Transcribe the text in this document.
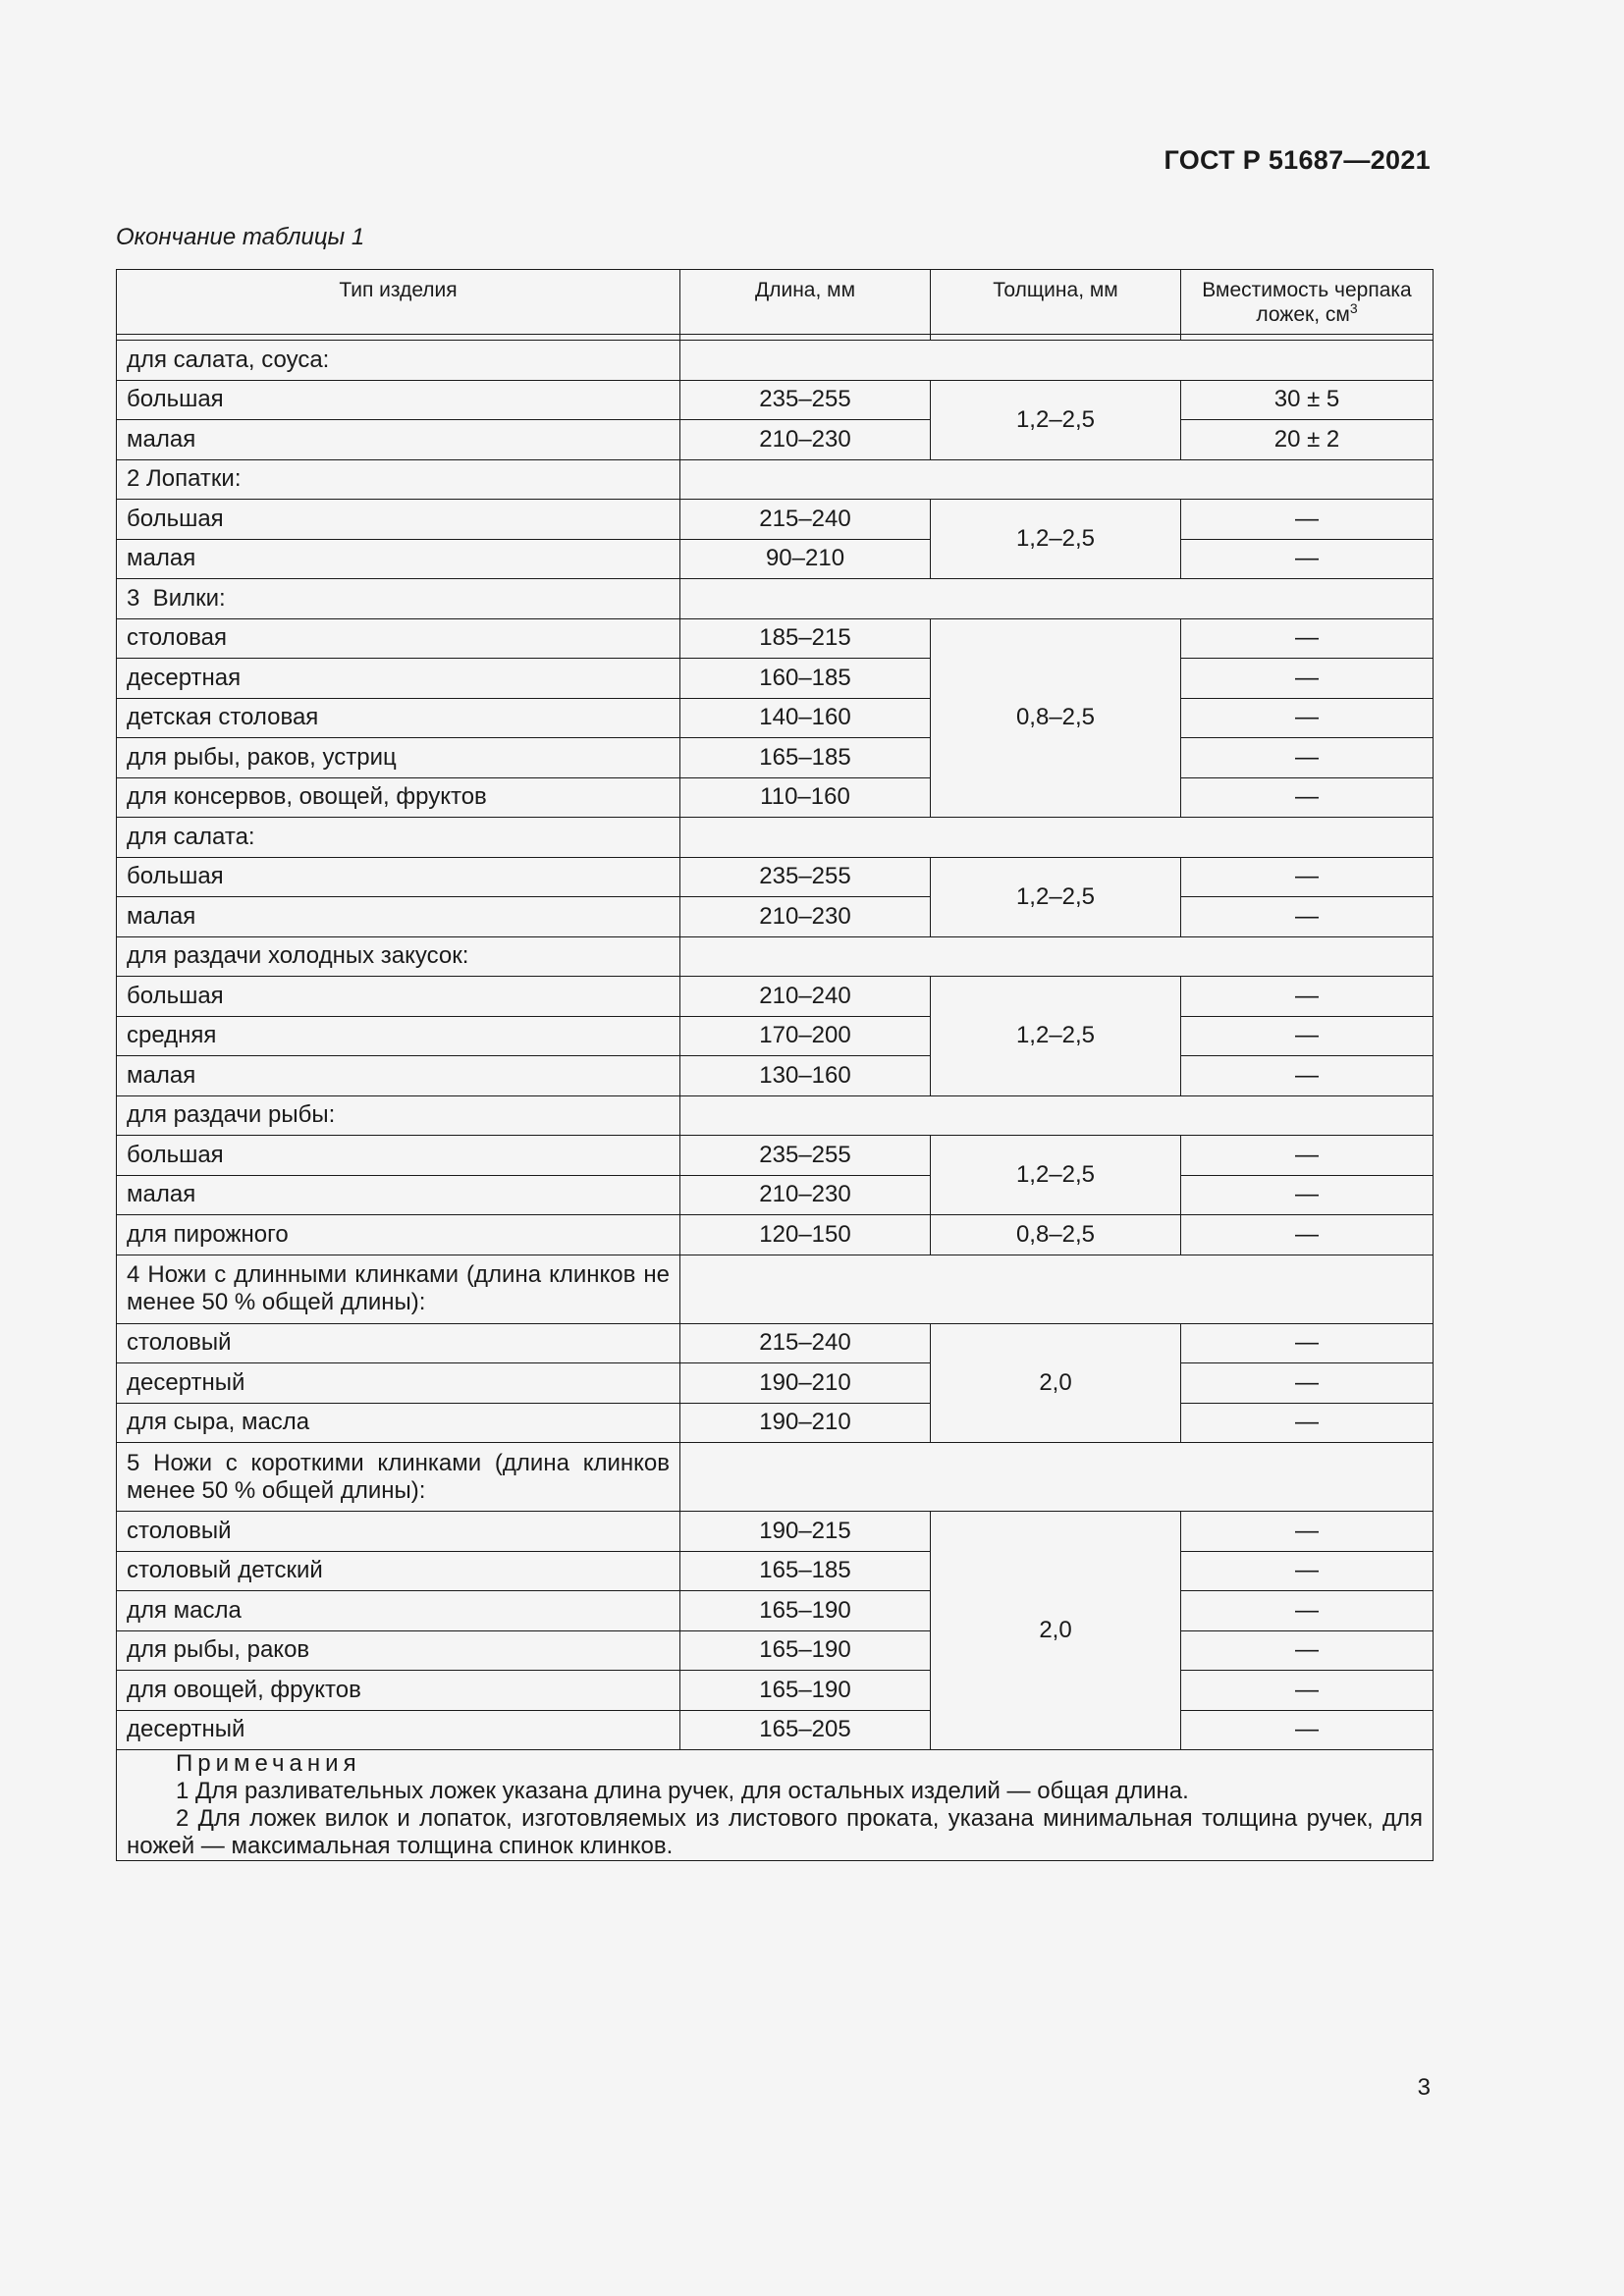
ГОСТ Р 51687—2021
Окончание таблицы 1
Тип изделия	Длина, мм	Толщина, мм	Вместимость черпака
ложек, $см^3$

для салата, соуса:			
большая	235–255	1,2–2,5	30 ± 5
малая	210–230		20 ± 2
2 Лопатки:			
большая	215–240	1,2–2,5	—
малая	90–210		—
3  Вилки:			
столовая	185–215	0,8–2,5	—
десертная	160–185		—
детская столовая	140–160		—
для рыбы, раков, устриц	165–185		—
для консервов, овощей, фруктов	110–160		—
для салата:			
большая	235–255	1,2–2,5	—
малая	210–230		—
для раздачи холодных закусок:			
большая	210–240	1,2–2,5	—
средняя	170–200		—
малая	130–160		—
для раздачи рыбы:			
большая	235–255	1,2–2,5	—
малая	210–230		—
для пирожного	120–150	0,8–2,5	—
4 Ножи с длинными клинками (длина клинков не менее 50 % общей длины):			
столовый	215–240	2,0	—
десертный	190–210		—
для сыра, масла	190–210		—
5 Ножи с короткими клинками (длина клинков менее 50 % общей длины):			
столовый	190–215	2,0	—
столовый детский	165–185		—
для масла	165–190		—
для рыбы, раков	165–190		—
для овощей, фруктов	165–190		—
десертный	165–205		—

Примечания
1 Для разливательных ложек указана длина ручек, для остальных изделий — общая длина.
2 Для ложек вилок и лопаток, изготовляемых из листового проката, указана минимальная толщина ручек, для ножей — максимальная толщина спинок клинков.			
3
